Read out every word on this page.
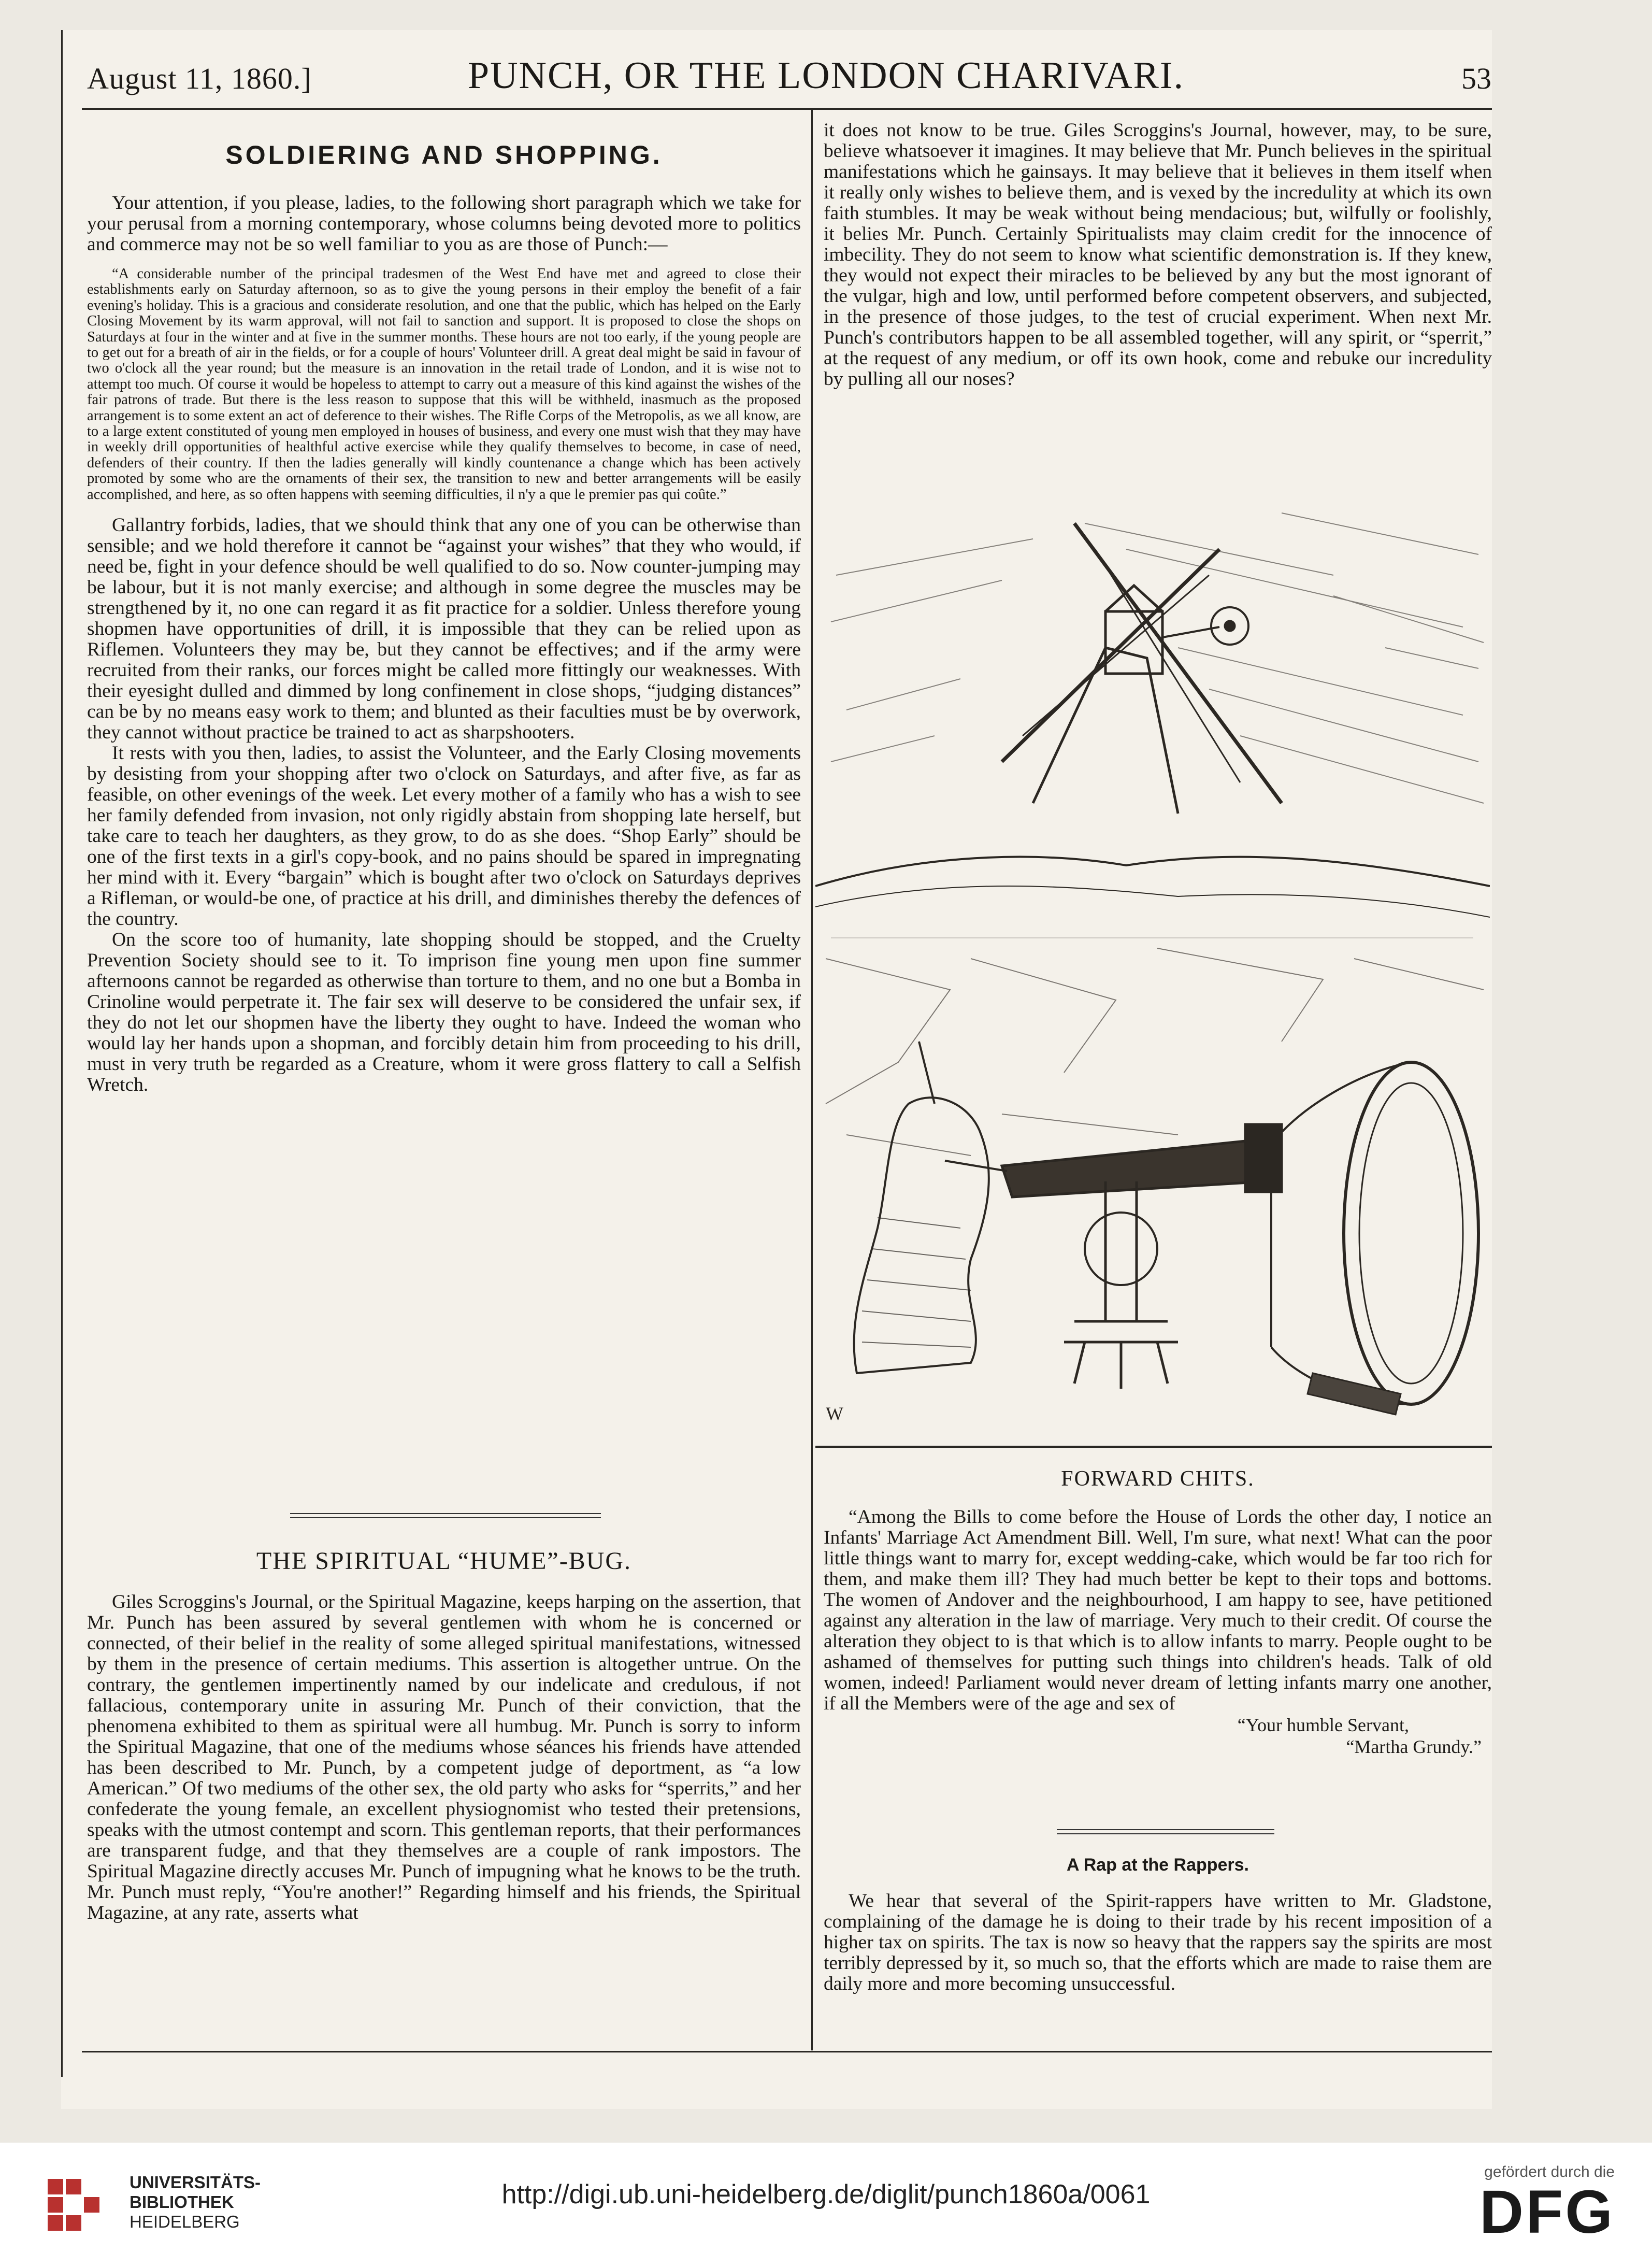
August 11, 1860.]	PUNCH, OR THE LONDON CHARIVARI.	53
SOLDIERING AND SHOPPING.

Your attention, if you please, ladies, to the following short paragraph which we take for your perusal from a morning contemporary, whose columns being devoted more to politics and commerce may not be so well familiar to you as are those of Punch:—

“A considerable number of the principal tradesmen of the West End have met and agreed to close their establishments early on Saturday afternoon, so as to give the young persons in their employ the benefit of a fair evening's holiday. This is a gracious and considerate resolution, and one that the public, which has helped on the Early Closing Movement by its warm approval, will not fail to sanction and support. It is proposed to close the shops on Saturdays at four in the winter and at five in the summer months. These hours are not too early, if the young people are to get out for a breath of air in the fields, or for a couple of hours' Volunteer drill. A great deal might be said in favour of two o'clock all the year round; but the measure is an innovation in the retail trade of London, and it is wise not to attempt too much. Of course it would be hopeless to attempt to carry out a measure of this kind against the wishes of the fair patrons of trade. But there is the less reason to suppose that this will be withheld, inasmuch as the proposed arrangement is to some extent an act of deference to their wishes. The Rifle Corps of the Metropolis, as we all know, are to a large extent constituted of young men employed in houses of business, and every one must wish that they may have in weekly drill opportunities of healthful active exercise while they qualify themselves to become, in case of need, defenders of their country. If then the ladies generally will kindly countenance a change which has been actively promoted by some who are the ornaments of their sex, the transition to new and better arrangements will be easily accomplished, and here, as so often happens with seeming difficulties, il n'y a que le premier pas qui coûte.”

Gallantry forbids, ladies, that we should think that any one of you can be otherwise than sensible; and we hold therefore it cannot be “against your wishes” that they who would, if need be, fight in your defence should be well qualified to do so. Now counter-jumping may be labour, but it is not manly exercise; and although in some degree the muscles may be strengthened by it, no one can regard it as fit practice for a soldier. Unless therefore young shopmen have opportunities of drill, it is impossible that they can be relied upon as Riflemen. Volunteers they may be, but they cannot be effectives; and if the army were recruited from their ranks, our forces might be called more fittingly our weaknesses. With their eyesight dulled and dimmed by long confinement in close shops, “judging distances” can be by no means easy work to them; and blunted as their faculties must be by overwork, they cannot without practice be trained to act as sharpshooters.

It rests with you then, ladies, to assist the Volunteer, and the Early Closing movements by desisting from your shopping after two o'clock on Saturdays, and after five, as far as feasible, on other evenings of the week. Let every mother of a family who has a wish to see her family defended from invasion, not only rigidly abstain from shopping late herself, but take care to teach her daughters, as they grow, to do as she does. “Shop Early” should be one of the first texts in a girl's copy-book, and no pains should be spared in impregnating her mind with it. Every “bargain” which is bought after two o'clock on Saturdays deprives a Rifleman, or would-be one, of practice at his drill, and diminishes thereby the defences of the country.

On the score too of humanity, late shopping should be stopped, and the Cruelty Prevention Society should see to it. To imprison fine young men upon fine summer afternoons cannot be regarded as otherwise than torture to them, and no one but a Bomba in Crinoline would perpetrate it. The fair sex will deserve to be considered the unfair sex, if they do not let our shopmen have the liberty they ought to have. Indeed the woman who would lay her hands upon a shopman, and forcibly detain him from proceeding to his drill, must in very truth be regarded as a Creature, whom it were gross flattery to call a Selfish Wretch.

THE SPIRITUAL “HUME”-BUG.

Giles Scroggins's Journal, or the Spiritual Magazine, keeps harping on the assertion, that Mr. Punch has been assured by several gentlemen with whom he is concerned or connected, of their belief in the reality of some alleged spiritual manifestations, witnessed by them in the presence of certain mediums. This assertion is altogether untrue. On the contrary, the gentlemen impertinently named by our indelicate and credulous, if not fallacious, contemporary unite in assuring Mr. Punch of their conviction, that the phenomena exhibited to them as spiritual were all humbug. Mr. Punch is sorry to inform the Spiritual Magazine, that one of the mediums whose séances his friends have attended has been described to Mr. Punch, by a competent judge of deportment, as “a low American.” Of two mediums of the other sex, the old party who asks for “sperrits,” and her confederate the young female, an excellent physiognomist who tested their pretensions, speaks with the utmost contempt and scorn. This gentleman reports, that their performances are transparent fudge, and that they themselves are a couple of rank impostors. The Spiritual Magazine directly accuses Mr. Punch of impugning what he knows to be the truth. Mr. Punch must reply, “You're another!” Regarding himself and his friends, the Spiritual Magazine, at any rate, asserts what

it does not know to be true. Giles Scroggins's Journal, however, may, to be sure, believe whatsoever it imagines. It may believe that Mr. Punch believes in the spiritual manifestations which he gainsays. It may believe that it believes in them itself when it really only wishes to believe them, and is vexed by the incredulity at which its own faith stumbles. It may be weak without being mendacious; but, wilfully or foolishly, it belies Mr. Punch. Certainly Spiritualists may claim credit for the innocence of imbecility. They do not seem to know what scientific demonstration is. If they knew, they would not expect their miracles to be believed by any but the most ignorant of the vulgar, high and low, until performed before competent observers, and subjected, in the presence of those judges, to the test of crucial experiment. When next Mr. Punch's contributors happen to be all assembled together, will any spirit, or “sperrit,” at the request of any medium, or off its own hook, come and rebuke our incredulity by pulling all our noses?

W
FORWARD CHITS.

“Among the Bills to come before the House of Lords the other day, I notice an Infants' Marriage Act Amendment Bill. Well, I'm sure, what next! What can the poor little things want to marry for, except wedding-cake, which would be far too rich for them, and make them ill? They had much better be kept to their tops and bottoms. The women of Andover and the neighbourhood, I am happy to see, have petitioned against any alteration in the law of marriage. Very much to their credit. Of course the alteration they object to is that which is to allow infants to marry. People ought to be ashamed of themselves for putting such things into children's heads. Talk of old women, indeed! Parliament would never dream of letting infants marry one another, if all the Members were of the age and sex of

“Your humble Servant,
“Martha Grundy.”
A Rap at the Rappers.

We hear that several of the Spirit-rappers have written to Mr. Gladstone, complaining of the damage he is doing to their trade by his recent imposition of a higher tax on spirits. The tax is now so heavy that the rappers say the spirits are most terribly depressed by it, so much so, that the efforts which are made to raise them are daily more and more becoming unsuccessful.

UNIVERSITÄTS-
BIBLIOTHEK
HEIDELBERG
http://digi.ub.uni-heidelberg.de/diglit/punch1860a/0061
gefördert durch die
DFG
